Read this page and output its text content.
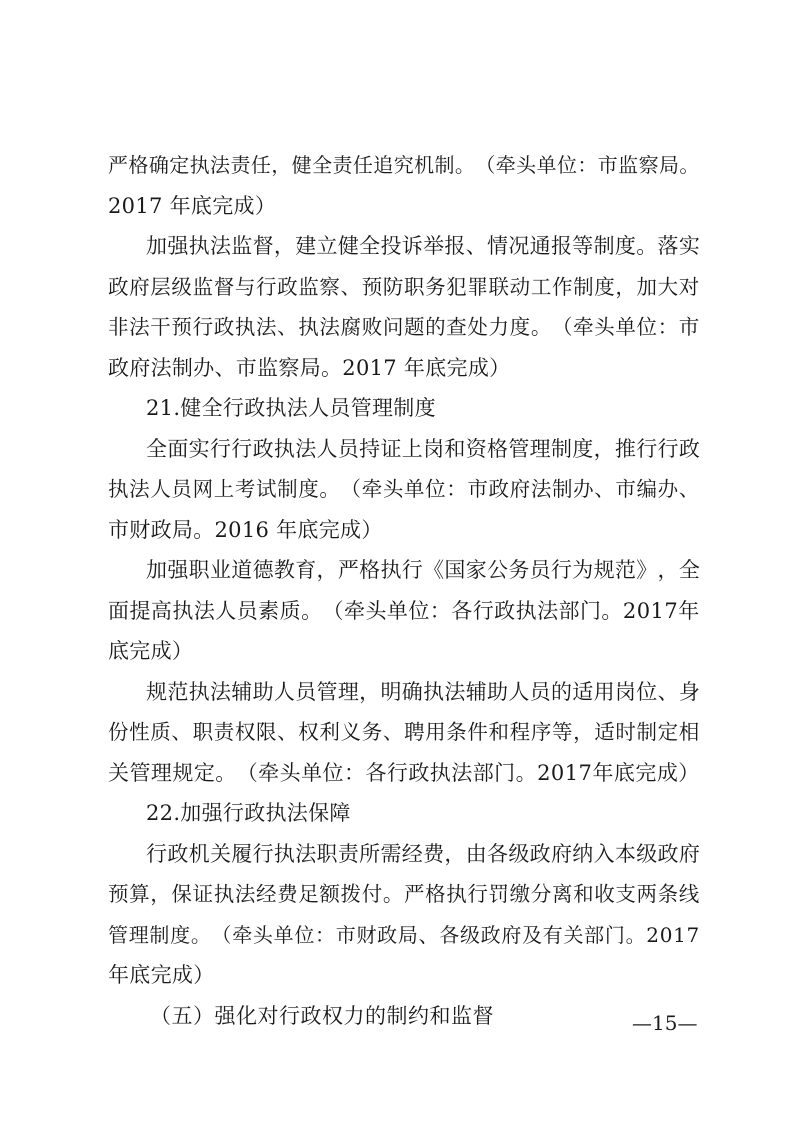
严 格 确 定 执 法 责 任 ， 健 全 责 任 追 究 机 制 。 （ 牵 头 单 位 ： 市 监 察 局 。
2017 年底完成）
加 强 执 法 监 督 ， 建 立 健 全 投 诉 举 报 、 情 况 通 报 等 制 度 。 落 实
政 府 层 级 监 督 与 行 政 监 察 、 预 防 职 务 犯 罪 联 动 工 作 制 度 ， 加 大 对
非 法 干 预 行 政 执 法 、 执 法 腐 败 问 题 的 查 处 力 度 。 （ 牵 头 单 位 ： 市
政府法制办、市监察局。2017 年底完成）
21.健全行政执法人员管理制度
全 面 实 行 行 政 执 法 人 员 持 证 上 岗 和 资 格 管 理 制 度 ， 推 行 行 政
执 法 人 员 网 上 考 试 制 度 。 （ 牵 头 单 位 ： 市 政 府 法 制 办 、 市 编 办 、
市财政局。2016 年底完成）
加 强 职 业 道 德 教 育 ， 严 格 执 行 《 国 家 公 务 员 行 为 规 范 》 ， 全
面 提 高 执 法 人 员 素 质 。 （ 牵 头 单 位 ： 各 行 政 执 法 部 门 。 2 0 1 7 年
底完成）
规 范 执 法 辅 助 人 员 管 理 ， 明 确 执 法 辅 助 人 员 的 适 用 岗 位 、 身
份 性 质 、 职 责 权 限 、 权 利 义 务 、 聘 用 条 件 和 程 序 等 ， 适 时 制 定 相
关 管 理 规 定 。 （ 牵 头 单 位 ： 各 行 政 执 法 部 门 。 2 0 1 7 年 底 完 成 ）
22.加强行政执法保障
行 政 机 关 履 行 执 法 职 责 所 需 经 费 ， 由 各 级 政 府 纳 入 本 级 政 府
预 算 ， 保 证 执 法 经 费 足 额 拨 付 。 严 格 执 行 罚 缴 分 离 和 收 支 两 条 线
管 理 制 度 。 （ 牵 头 单 位 ： 市 财 政 局 、 各 级 政 府 及 有 关 部 门 。 2 0 1 7
年底完成）
（五）强化对行政权力的制约和监督	—15—
